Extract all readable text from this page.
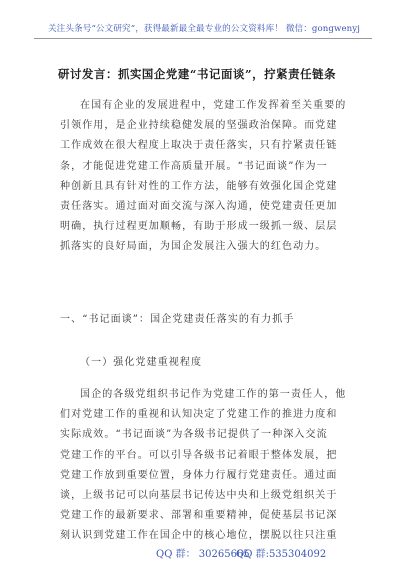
关注头条号“公文研究”，获得最新最全最专业的公文资料库！ 微信：gongwenyj
研讨发言：抓实国企党建“书记面谈”，拧紧责任链条
在国有企业的发展进程中，党建工作发挥着至关重要的
引领作用，是企业持续稳健发展的坚强政治保障。而党建
工作成效在很大程度上取决于责任落实，只有拧紧责任链
条，才能促进党建工作高质量开展。“书记面谈”作为一
种创新且具有针对性的工作方法，能够有效强化国企党建
责任落实。通过面对面交流与深入沟通，使党建责任更加
明确，执行过程更加顺畅，有助于形成一级抓一级、层层
抓落实的良好局面，为国企发展注入强大的红色动力。
一、“书记面谈”：国企党建责任落实的有力抓手
（一）强化党建重视程度
国企的各级党组织书记作为党建工作的第一责任人，他
们对党建工作的重视和认知决定了党建工作的推进力度和
实际成效。“书记面谈”为各级书记提供了一种深入交流
党建工作的平台。可以引导各级书记着眼于整体发展，把
党建工作放到重要位置，身体力行履行党建责任。通过面
谈，上级书记可以向基层书记传达中央和上级党组织关于
党建工作的最新要求、部署和重要精神，促使基层书记深
刻认识到党建工作在国企中的核心地位，摆脱以往只注重
QQ 群： 30265665
QQ 群:535304092
